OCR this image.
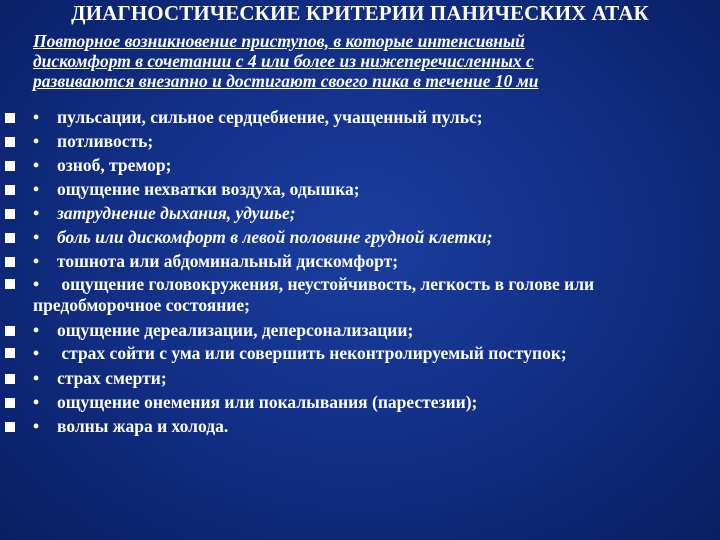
ДИАГНОСТИЧЕСКИЕ КРИТЕРИИ ПАНИЧЕСКИХ АТАК
Повторное возникновение приступов, в которые интенсивный
дискомфорт в сочетании с 4 или более из нижеперечисленных с
развиваются внезапно и достигают своего пика в течение 10 ми
• пульсации, сильное сердцебиение, учащенный пульс;
• потливость;
• озноб, тремор;
• ощущение нехватки воздуха, одышка;
• затруднение дыхания, удушье;
• боль или дискомфорт в левой половине грудной клетки;
• тошнота или абдоминальный дискомфорт;
• ощущение головокружения, неустойчивость, легкость в голове или предобморочное состояние;
• ощущение дереализации, деперсонализации;
• страх сойти с ума или совершить неконтролируемый поступок;
• страх смерти;
• ощущение онемения или покалывания (парестезии);
• волны жара и холода.
